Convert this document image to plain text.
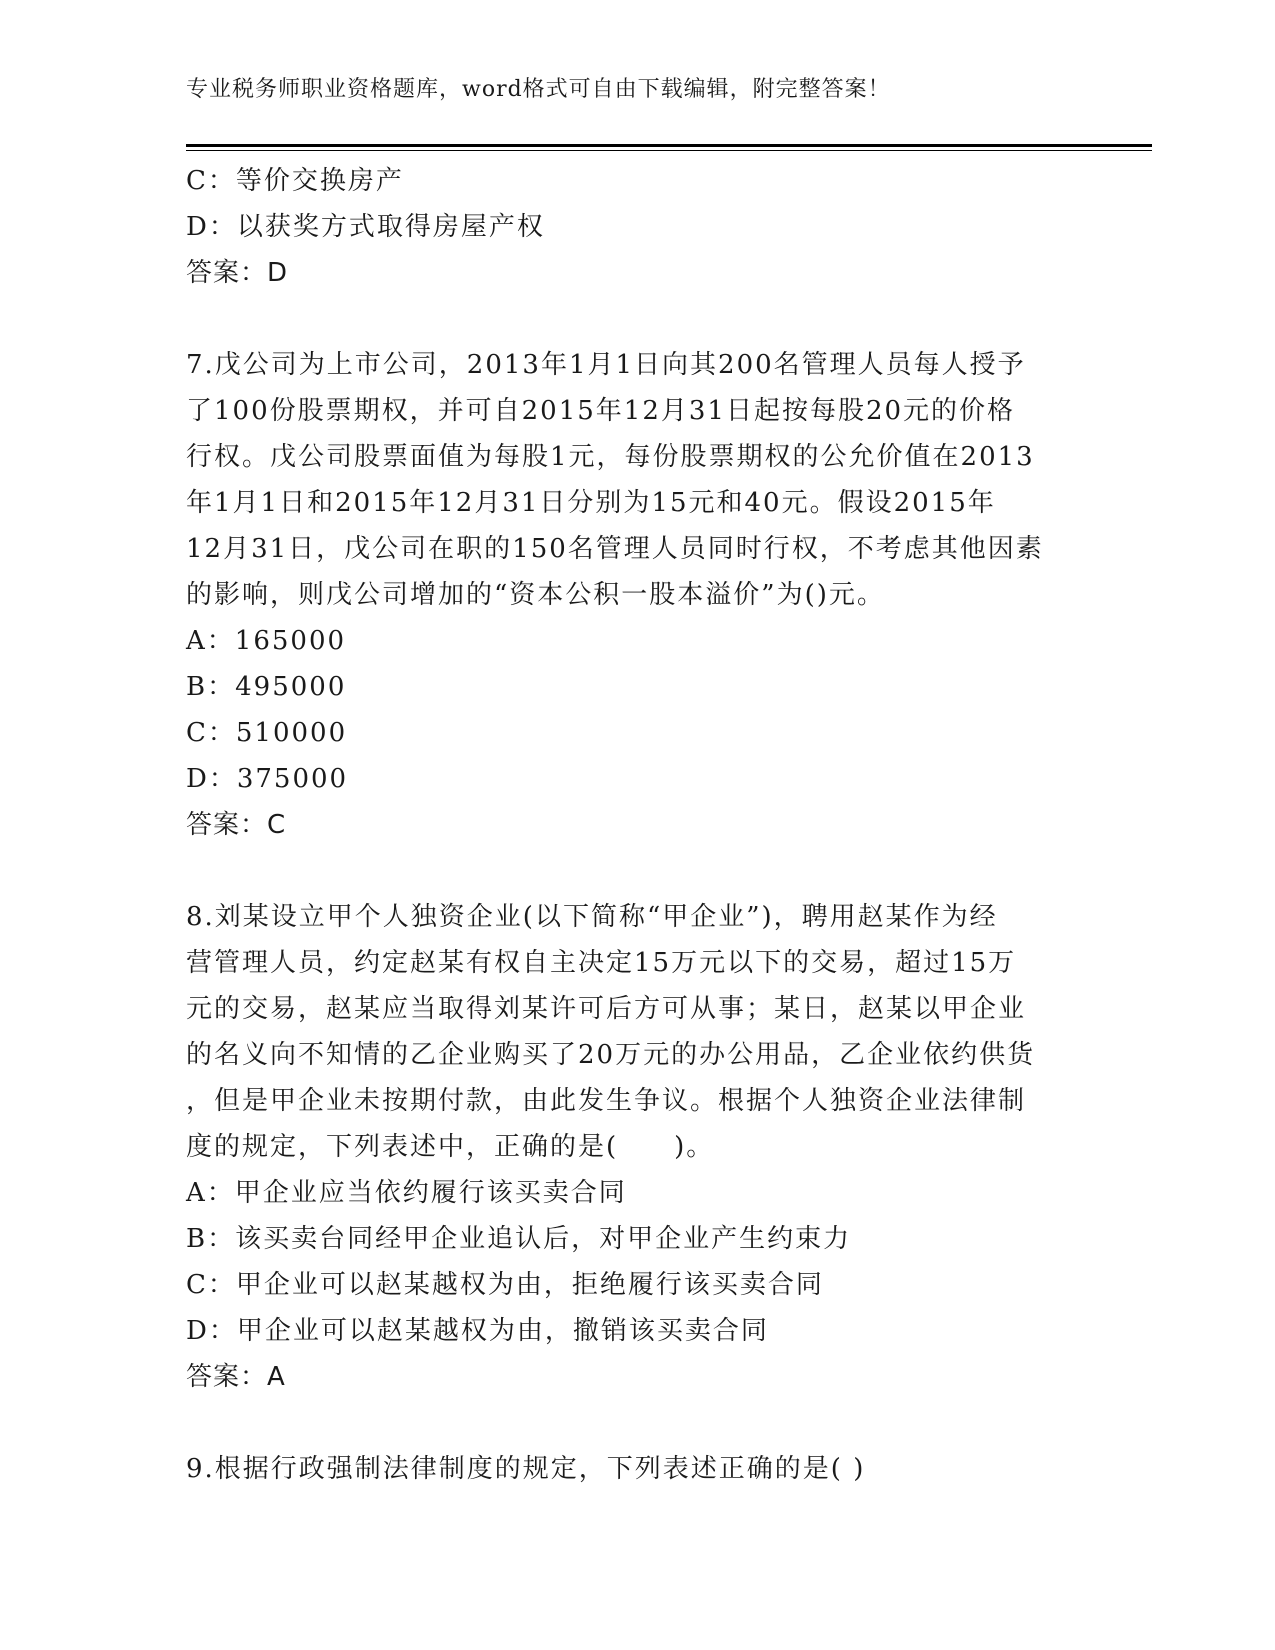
专业税务师职业资格题库，word格式可自由下载编辑，附完整答案！
C：等价交换房产
D：以获奖方式取得房屋产权
答案：D
7.戊公司为上市公司，2013年1月1日向其200名管理人员每人授予
了100份股票期权，并可自2015年12月31日起按每股20元的价格
行权。戊公司股票面值为每股1元，每份股票期权的公允价值在2013
年1月1日和2015年12月31日分别为15元和40元。假设2015年
12月31日，戊公司在职的150名管理人员同时行权，不考虑其他因素
的影响，则戊公司增加的“资本公积一股本溢价”为()元。
A：165000
B：495000
C：510000
D：375000
答案：C
8.刘某设立甲个人独资企业(以下简称“甲企业”)，聘用赵某作为经
营管理人员，约定赵某有权自主决定15万元以下的交易，超过15万
元的交易，赵某应当取得刘某许可后方可从事；某日，赵某以甲企业
的名义向不知情的乙企业购买了20万元的办公用品，乙企业依约供货
，但是甲企业未按期付款，由此发生争议。根据个人独资企业法律制
度的规定，下列表述中，正确的是(　　)。
A：甲企业应当依约履行该买卖合同
B：该买卖台同经甲企业追认后，对甲企业产生约束力
C：甲企业可以赵某越权为由，拒绝履行该买卖合同
D：甲企业可以赵某越权为由，撤销该买卖合同
答案：A
9.根据行政强制法律制度的规定，下列表述正确的是( )
